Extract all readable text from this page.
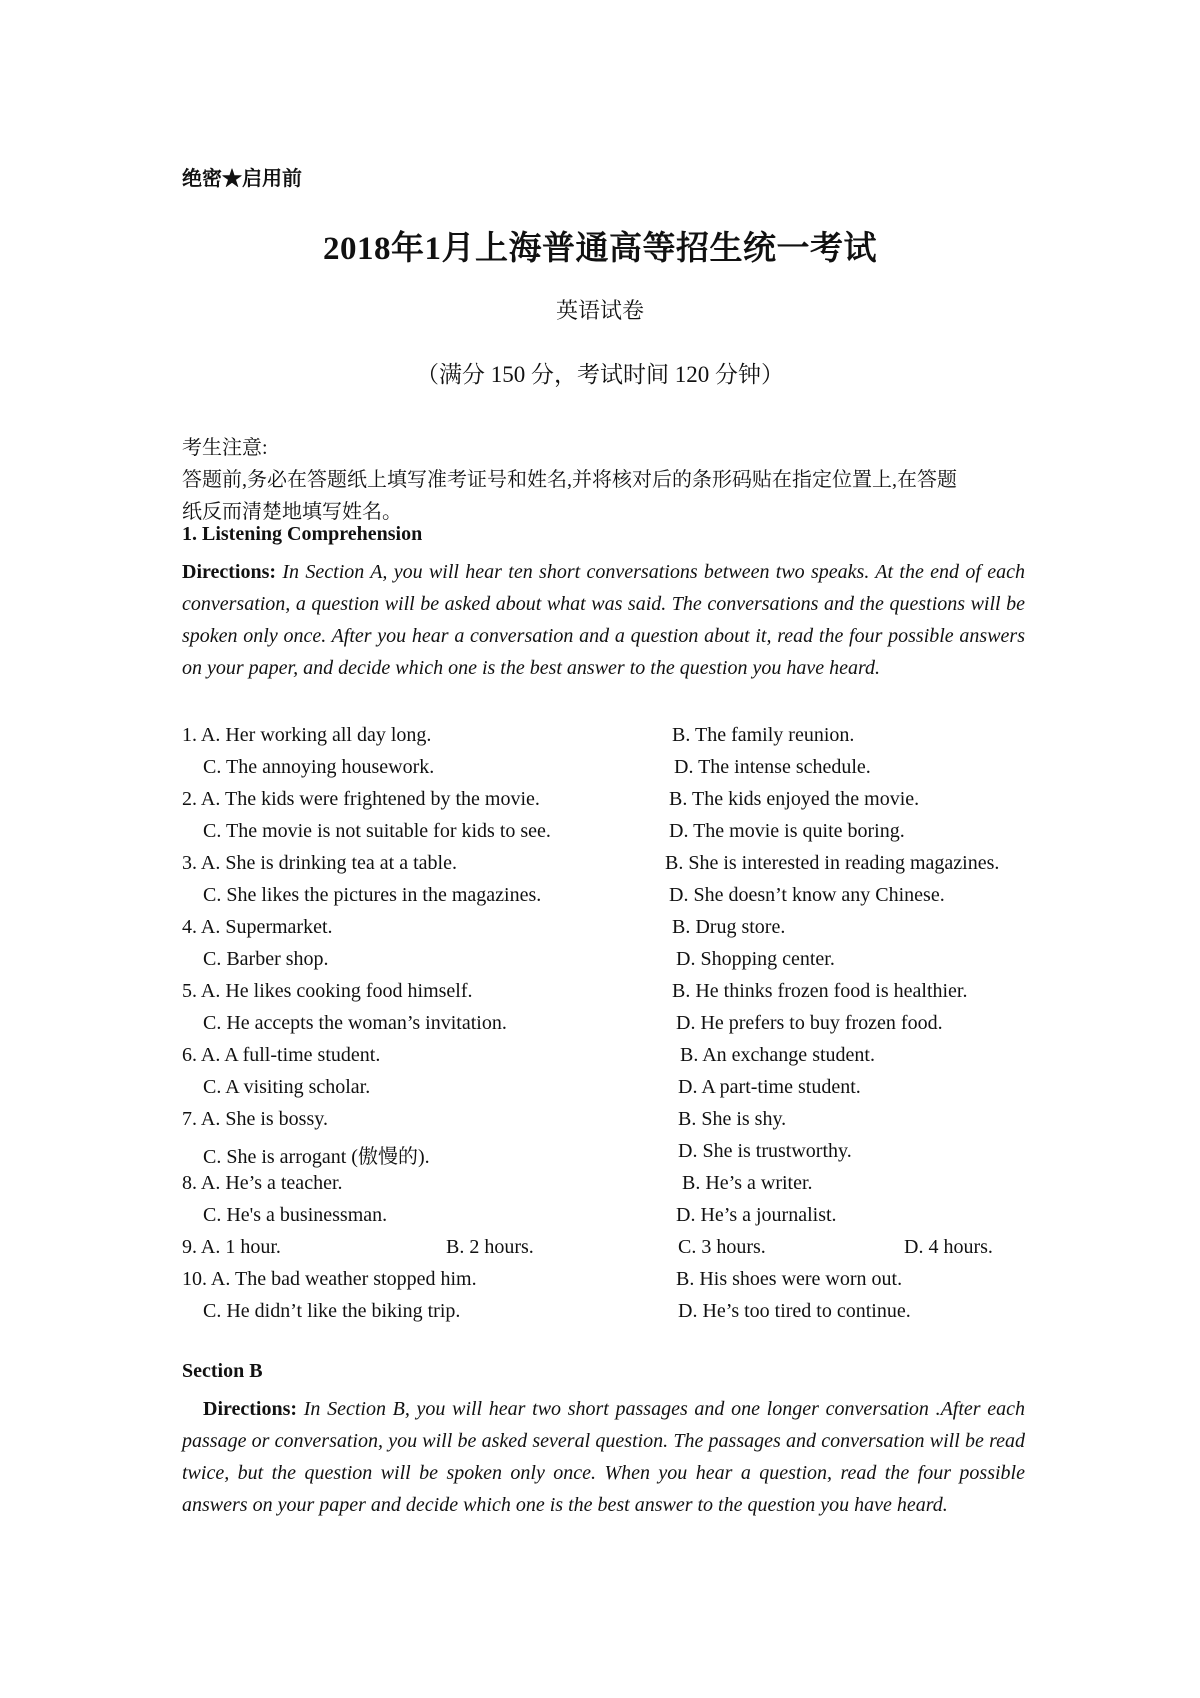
绝密★启用前
2018年1月上海普通高等招生统一考试
英语试卷
（满分 150 分，考试时间 120 分钟）
考生注意:
答题前,务必在答题纸上填写准考证号和姓名,并将核对后的条形码贴在指定位置上,在答题
纸反而清楚地填写姓名。
1. Listening Comprehension
Directions: In Section A, you will hear ten short conversations between two speaks. At the end of each conversation, a question will be asked about what was said. The conversations and the questions will be spoken only once. After you hear a conversation and a question about it, read the four possible answers on your paper, and decide which one is the best answer to the question you have heard.
1. A. Her working all day long.	B. The family reunion.
C. The annoying housework.	D. The intense schedule.
2. A. The kids were frightened by the movie.	B. The kids enjoyed the movie.
C. The movie is not suitable for kids to see.	D. The movie is quite boring.
3. A. She is drinking tea at a table.	B. She is interested in reading magazines.
C. She likes the pictures in the magazines.	D. She doesn’t know any Chinese.
4. A. Supermarket.	B. Drug store.
C. Barber shop.	D. Shopping center.
5. A. He likes cooking food himself.	B. He thinks frozen food is healthier.
C. He accepts the woman’s invitation.	D. He prefers to buy frozen food.
6. A. A full-time student.	B. An exchange student.
C. A visiting scholar.	D. A part-time student.
7. A. She is bossy.	B. She is shy.
C. She is arrogant (傲慢的).	D. She is trustworthy.
8. A. He’s a teacher.	B. He’s a writer.
C. He's a businessman.	D. He’s a journalist.
9. A. 1 hour.	B. 2 hours.	C. 3 hours.	D. 4 hours.
10. A. The bad weather stopped him.	B. His shoes were worn out.
C. He didn’t like the biking trip.	D. He’s too tired to continue.
Section B
Directions: In Section B, you will hear two short passages and one longer conversation .After each passage or conversation, you will be asked several question. The passages and conversation will be read twice, but the question will be spoken only once. When you hear a question, read the four possible answers on your paper and decide which one is the best answer to the question you have heard.
